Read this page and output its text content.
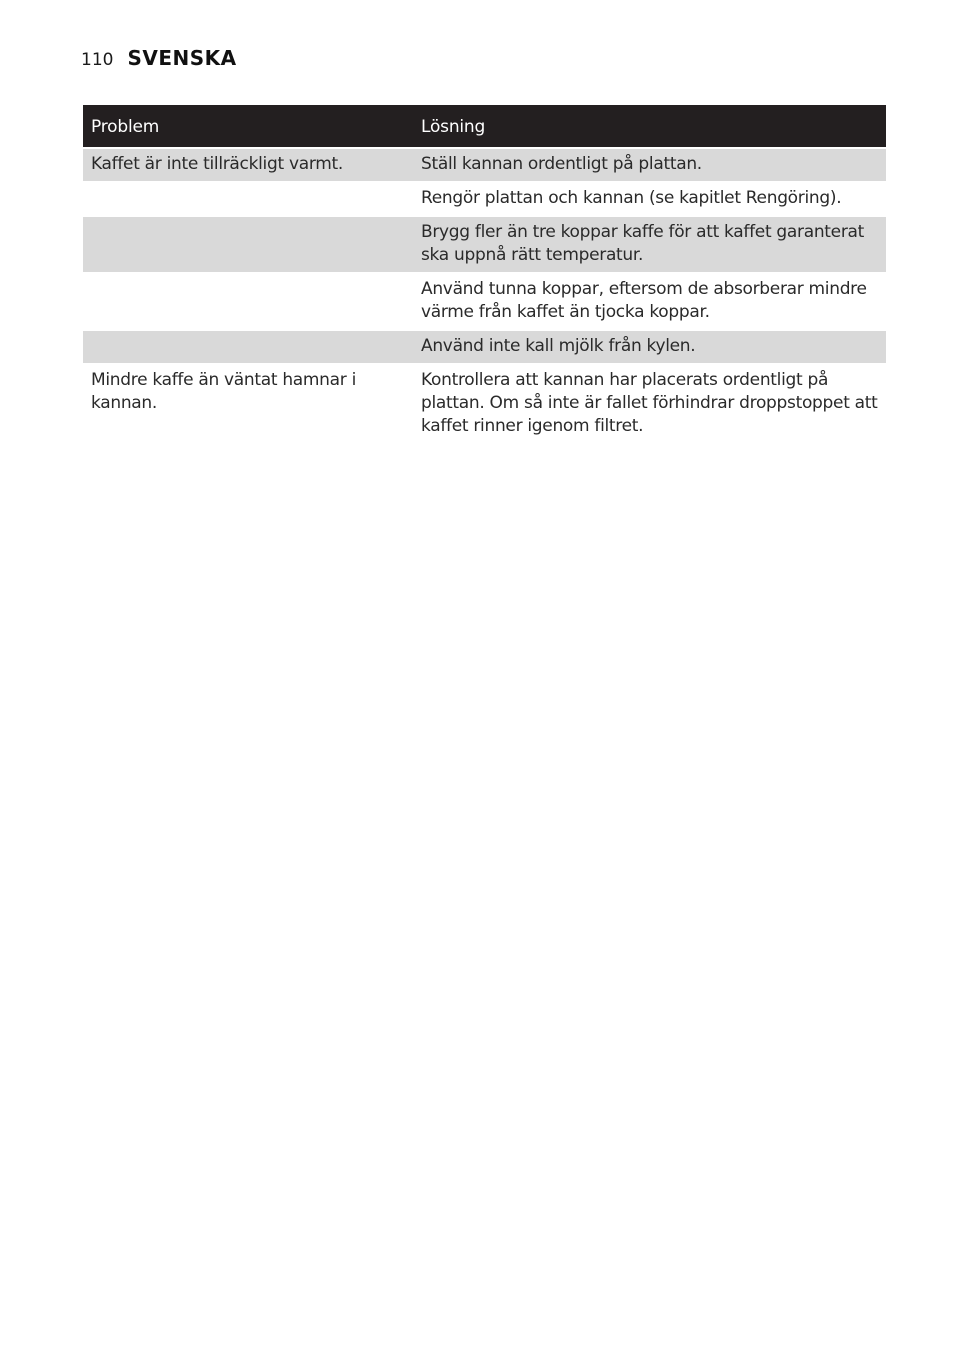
110 SVENSKA
Problem	Lösning
Kaffet är inte tillräckligt varmt.	Ställ kannan ordentligt på plattan.
	Rengör plattan och kannan (se kapitlet Rengöring).
	Brygg fler än tre koppar kaffe för att kaffet garanterat ska uppnå rätt temperatur.
	Använd tunna koppar, eftersom de absorberar mindre värme från kaffet än tjocka koppar.
	Använd inte kall mjölk från kylen.
Mindre kaffe än väntat hamnar i kannan.	Kontrollera att kannan har placerats ordentligt på plattan. Om så inte är fallet förhindrar droppstoppet att kaffet rinner igenom filtret.
